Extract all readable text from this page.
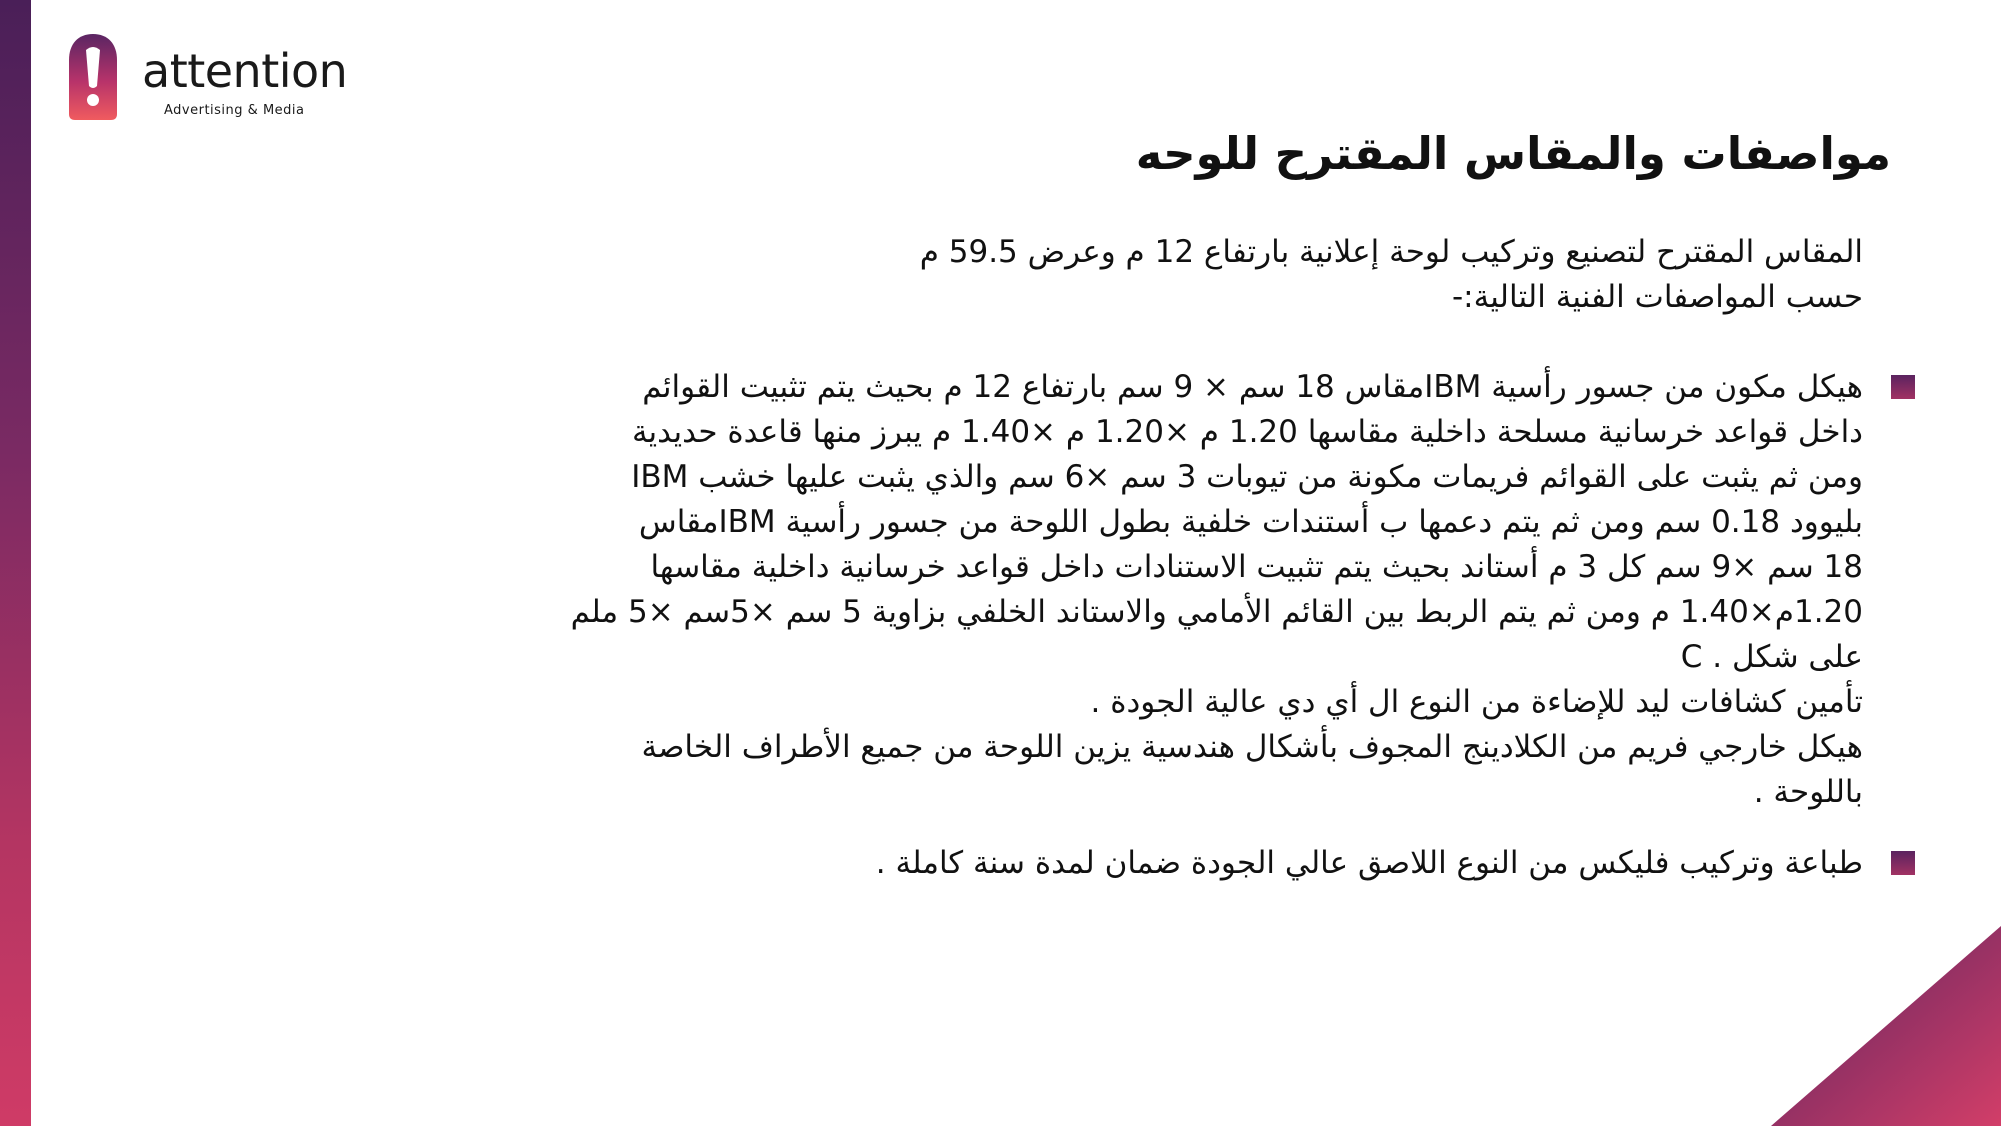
attention
Advertising & Media
مواصفات والمقاس المقترح للوحه

المقاس المقترح لتصنيع وتركيب لوحة إعلانية بارتفاع 12 م وعرض 59.5 م

حسب المواصفات الفنية التالية:-

هيكل مكون من جسور رأسية IBMمقاس 18 سم × 9 سم بارتفاع 12 م بحيث يتم تثبيت القوائم

داخل قواعد خرسانية مسلحة داخلية مقاسها 1.20 م ×1.20 م ×1.40 م يبرز منها قاعدة حديدية

ومن ثم يثبت على القوائم فريمات مكونة من تيوبات 3 سم ×6 سم والذي يثبت عليها خشب IBM

بليوود 0.18 سم ومن ثم يتم دعمها ب أستندات خلفية بطول اللوحة من جسور رأسية IBMمقاس

18 سم ×9 سم كل 3 م أستاند بحيث يتم تثبيت الاستنادات داخل قواعد خرسانية داخلية مقاسها

1.20م×1.40 م ومن ثم يتم الربط بين القائم الأمامي والاستاند الخلفي بزاوية 5 سم ×5سم ×5 ملم

على شكل . C

تأمين كشافات ليد للإضاءة من النوع ال أي دي عالية الجودة .

هيكل خارجي فريم من الكلادينج المجوف بأشكال هندسية يزين اللوحة من جميع الأطراف الخاصة

باللوحة .

طباعة وتركيب فليكس من النوع اللاصق عالي الجودة ضمان لمدة سنة كاملة .
